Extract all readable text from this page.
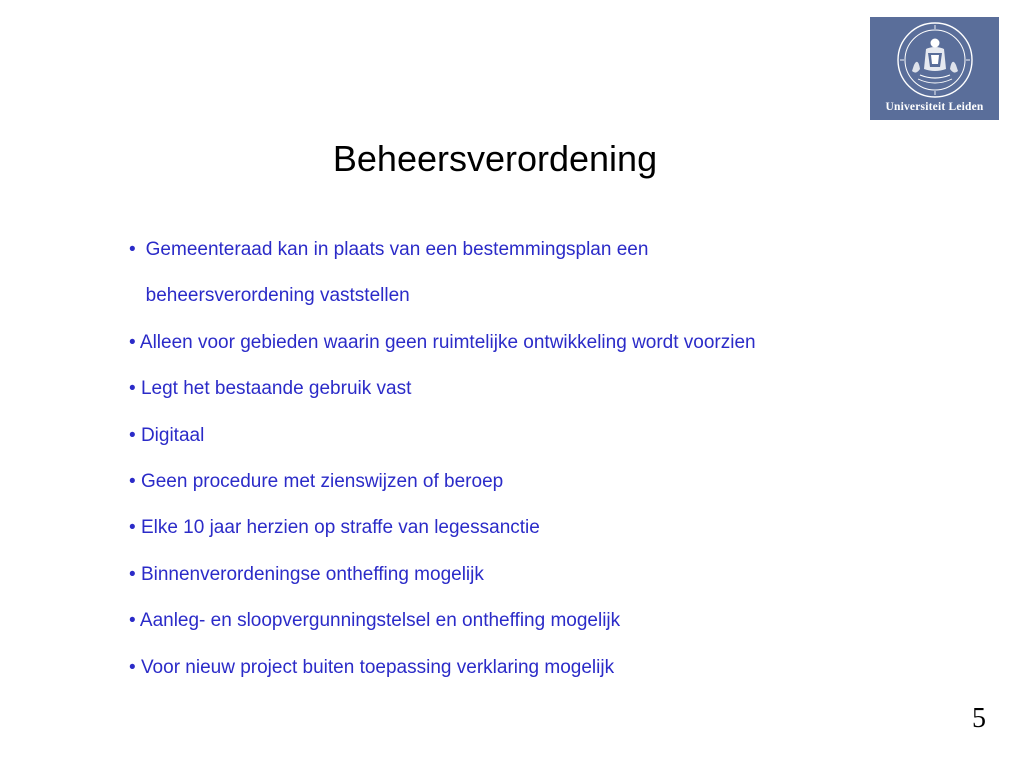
Universiteit Leiden
Beheersverordening
• Gemeenteraad kan in plaats van een bestemmingsplan een beheersverordening vaststellen
• Alleen voor gebieden waarin geen ruimtelijke ontwikkeling wordt voorzien
• Legt het bestaande gebruik vast
• Digitaal
• Geen procedure met zienswijzen of beroep
• Elke 10 jaar herzien op straffe van legessanctie
• Binnenverordeningse ontheffing mogelijk
• Aanleg- en sloopvergunningstelsel en ontheffing mogelijk
• Voor nieuw project buiten toepassing verklaring mogelijk
5
